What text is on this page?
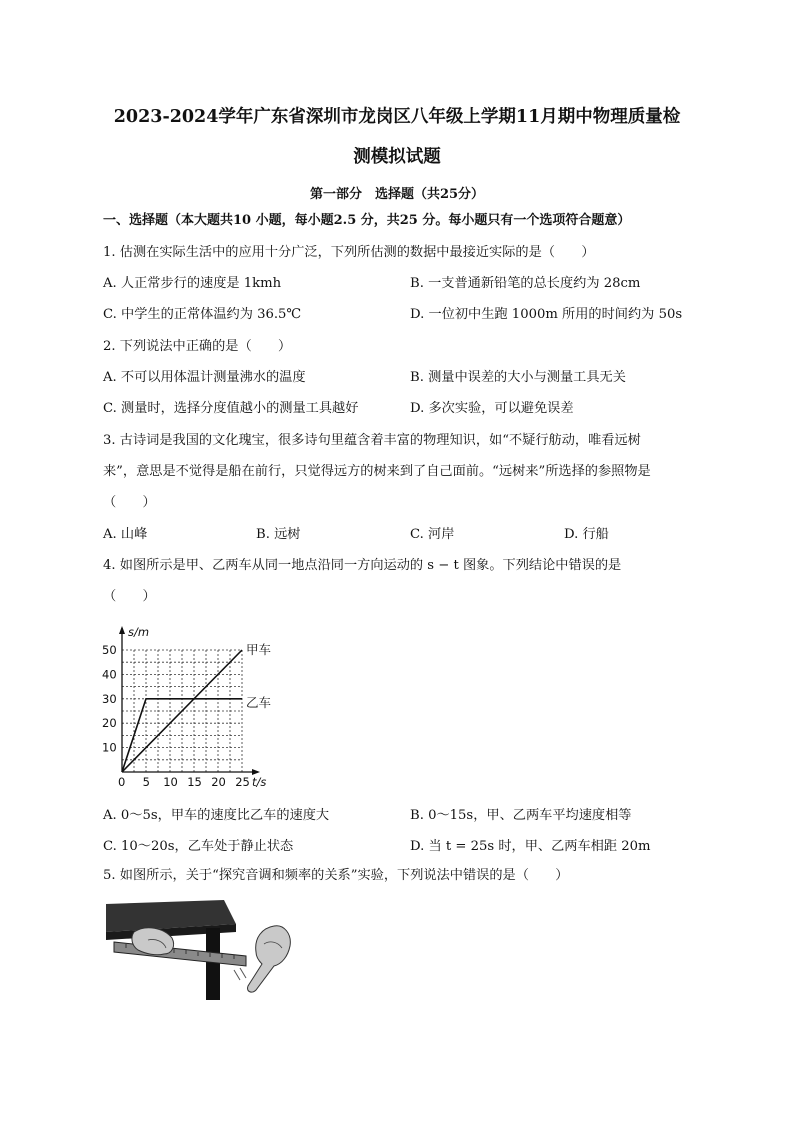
2023-2024学年广东省深圳市龙岗区八年级上学期11月期中物理质量检
测模拟试题
第一部分　选择题（共25分）
一、选择题（本大题共10 小题，每小题2.5 分，共25 分。每小题只有一个选项符合题意）
1. 估测在实际生活中的应用十分广泛，下列所估测的数据中最接近实际的是（　　）
A. 人正常步行的速度是 1kmh	B. 一支普通新铅笔的总长度约为 28cm
C. 中学生的正常体温约为 36.5℃	D. 一位初中生跑 1000m 所用的时间约为 50s
2. 下列说法中正确的是（　　）
A. 不可以用体温计测量沸水的温度	B. 测量中误差的大小与测量工具无关
C. 测量时，选择分度值越小的测量工具越好	D. 多次实验，可以避免误差
3. 古诗词是我国的文化瑰宝，很多诗句里蕴含着丰富的物理知识，如“不疑行舫动，唯看远树
来”，意思是不觉得是船在前行，只觉得远方的树来到了自己面前。“远树来”所选择的参照物是
（　　）
A. 山峰	B. 远树	C. 河岸	D. 行船
4. 如图所示是甲、乙两车从同一地点沿同一方向运动的 s − t 图象。下列结论中错误的是
（　　）
s/m
t/s
0 5 10 15 20 25
10
20
30
40
50	甲车
乙车
A. 0～5s，甲车的速度比乙车的速度大	B. 0～15s，甲、乙两车平均速度相等
C. 10～20s，乙车处于静止状态	D. 当 t = 25s 时，甲、乙两车相距 20m
5. 如图所示，关于“探究音调和频率的关系”实验，下列说法中错误的是（　　）
